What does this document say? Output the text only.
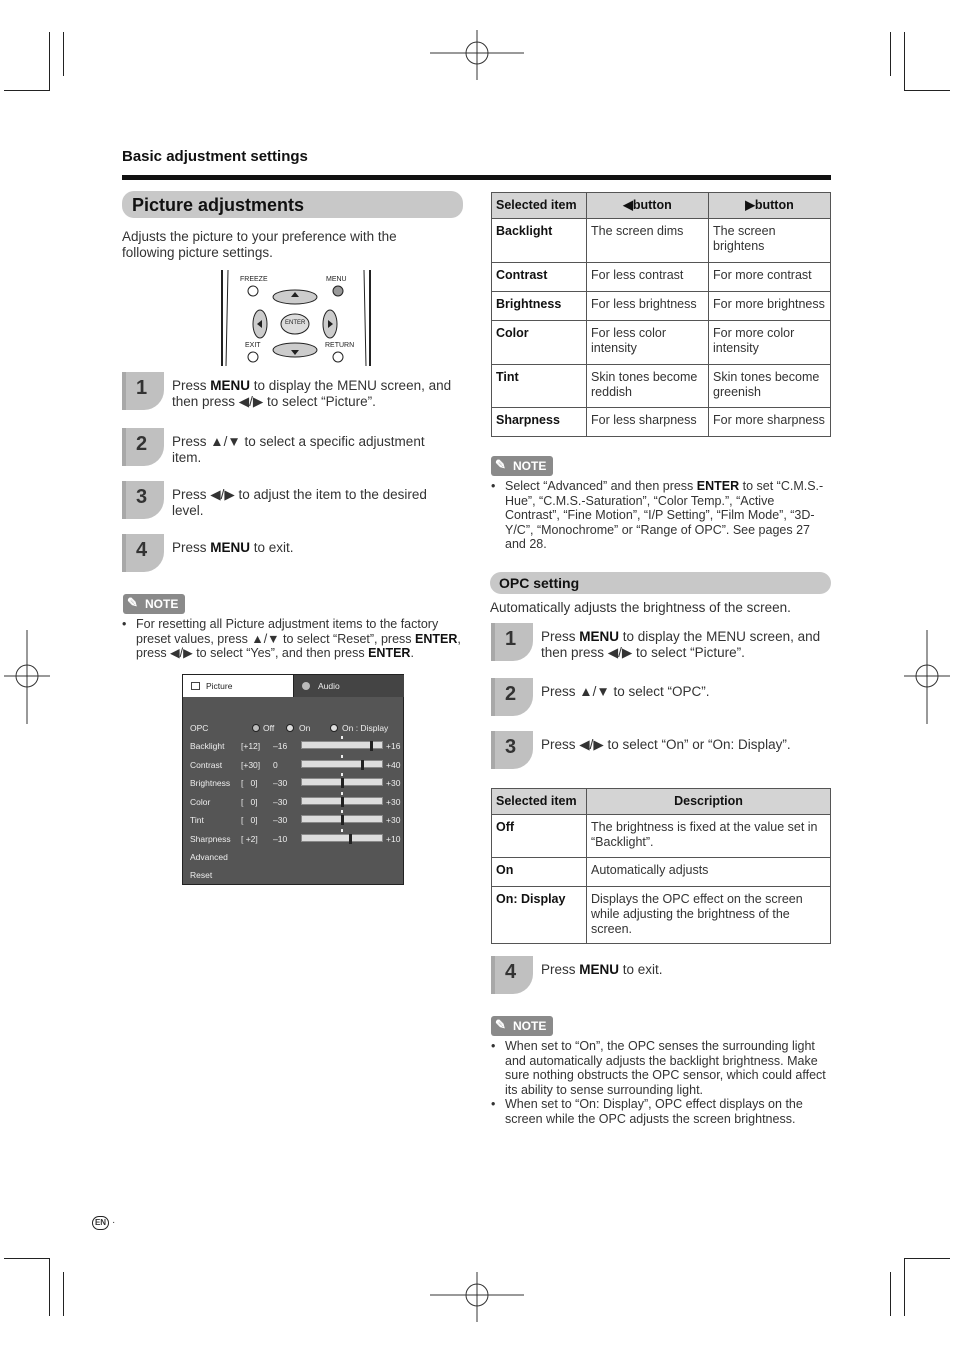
Basic adjustment settings
Picture adjustments
Adjusts the picture to your preference with the following picture settings.
FREEZE	MENU
ENTER
EXIT	RETURN
1	Press MENU to display the MENU screen, and then press ◀/▶ to select “Picture”.
2	Press ▲/▼ to select a specific adjustment item.
3	Press ◀/▶ to adjust the item to the desired level.
4	Press MENU to exit.
✎ NOTE
• For resetting all Picture adjustment items to the factory preset values, press ▲/▼ to select “Reset”, press ENTER, press ◀/▶ to select “Yes”, and then press ENTER.
Picture	Audio
OPC	Off	On	On : Display
Backlight [+12] –16	+16
Contrast [+30] 0	+40
Brightness [   0] –30	+30
Color	[   0] –30	+30
Tint	[   0] –30	+30
Sharpness [ +2] –10	+10
Advanced
Reset
Selected item	◀button	▶button
Backlight	The screen dims	The screen brightens
Contrast	For less contrast	For more contrast
Brightness	For less brightness	For more brightness
Color	For less color intensity	For more color intensity
Tint	Skin tones become reddish	Skin tones become greenish
Sharpness	For less sharpness	For more sharpness
✎ NOTE
• Select “Advanced” and then press ENTER to set “C.M.S.-Hue”, “C.M.S.-Saturation”, “Color Temp.”, “Active Contrast”, “Fine Motion”, “I/P Setting”, “Film Mode”, “3D-Y/C”, “Monochrome” or “Range of OPC”. See pages 27 and 28.
OPC setting
Automatically adjusts the brightness of the screen.
1	Press MENU to display the MENU screen, and then press ◀/▶ to select “Picture”.
2	Press ▲/▼ to select “OPC”.
3	Press ◀/▶ to select “On” or “On: Display”.
Selected item	Description
Off	The brightness is fixed at the value set in “Backlight”.
On	Automatically adjusts
On: Display	Displays the OPC effect on the screen while adjusting the brightness of the screen.
4	Press MENU to exit.
✎ NOTE
• When set to “On”, the OPC senses the surrounding light and automatically adjusts the backlight brightness. Make sure nothing obstructs the OPC sensor, which could affect its ability to sense surrounding light.
• When set to “On: Display”, OPC effect displays on the screen while the OPC adjusts the screen brightness.
EN ·
